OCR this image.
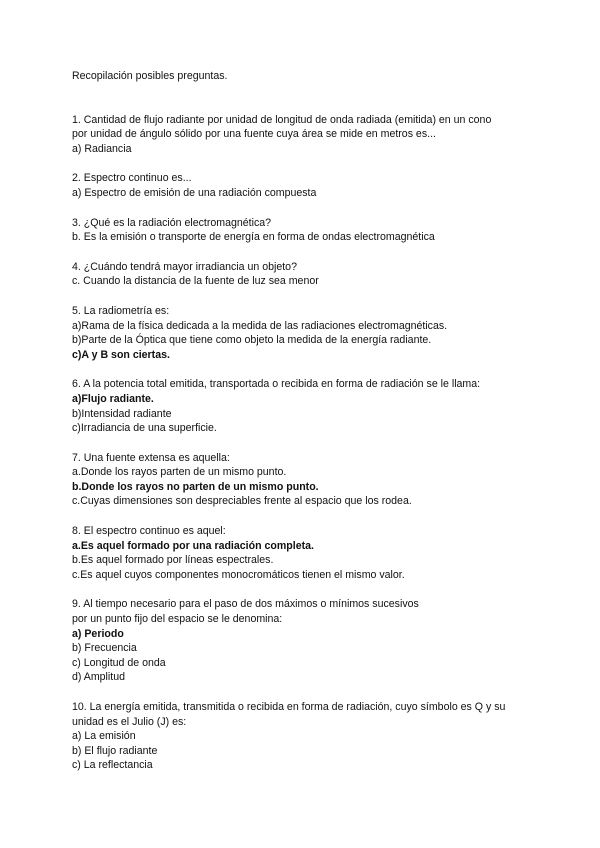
Recopilación posibles preguntas.
1. Cantidad de flujo radiante por unidad de longitud de onda radiada (emitida) en un cono
por unidad de ángulo sólido por una fuente cuya área se mide en metros es...
a) Radiancia
2. Espectro continuo es...
a) Espectro de emisión de una radiación compuesta
3. ¿Qué es la radiación electromagnética?
b. Es la emisión o transporte de energía en forma de ondas electromagnética
4. ¿Cuándo tendrá mayor irradiancia un objeto?
c. Cuando la distancia de la fuente de luz sea menor
5. La radiometría es:
a)Rama de la física dedicada a la medida de las radiaciones electromagnéticas.
b)Parte de la Óptica que tiene como objeto la medida de la energía radiante.
c)A y B son ciertas.
6. A la potencia total emitida, transportada o recibida en forma de radiación se le llama:
a)Flujo radiante.
b)Intensidad radiante
c)Irradiancia de una superficie.
7. Una fuente extensa es aquella:
a.Donde los rayos parten de un mismo punto.
b.Donde los rayos no parten de un mismo punto.
c.Cuyas dimensiones son despreciables frente al espacio que los rodea.
8. El espectro continuo es aquel:
a.Es aquel formado por una radiación completa.
b.Es aquel formado por líneas espectrales.
c.Es aquel cuyos componentes monocromáticos tienen el mismo valor.
9. Al tiempo necesario para el paso de dos máximos o mínimos sucesivos
por un punto fijo del espacio se le denomina:
a) Periodo
b) Frecuencia
c) Longitud de onda
d) Amplitud
10. La energía emitida, transmitida o recibida en forma de radiación, cuyo símbolo es Q y su
unidad es el Julio (J) es:
a) La emisión
b) El flujo radiante
c) La reflectancia
